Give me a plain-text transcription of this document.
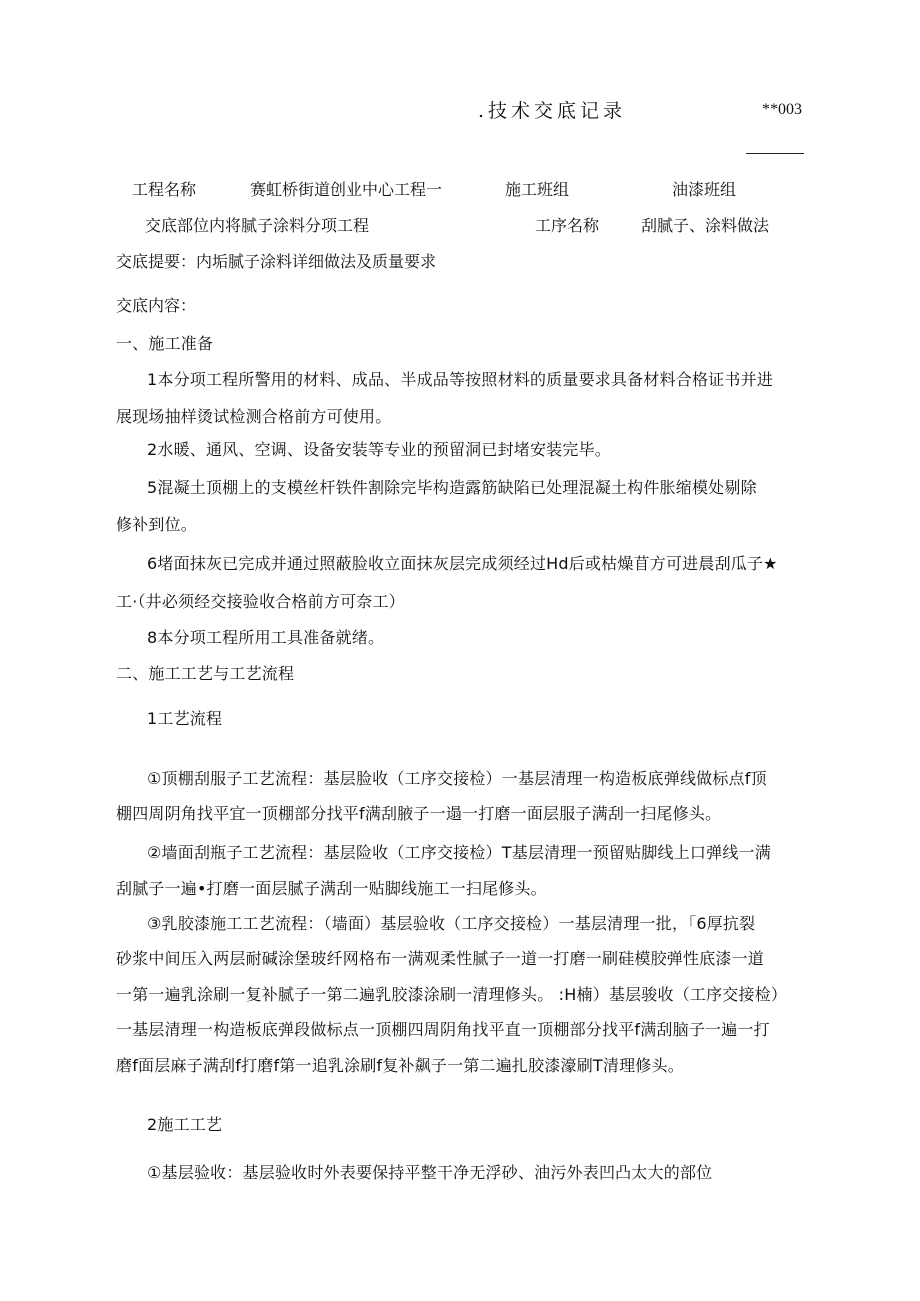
.技术交底记录	**003
工程名称	赛虹桥街道创业中心工程一	施工班组	油漆班组
交底部位内将腻子涂料分项工程	工序名称	刮腻子、涂料做法
交底提要：内垢腻子涂料详细做法及质量要求
交底内容：
一、施工准备
1本分项工程所警用的材料、成品、半成品等按照材料的质量要求具备材料合格证书并进
展现场抽样烫试检测合格前方可使用。
2水暖、通风、空调、设备安装等专业的预留洞已封堵安装完毕。
5混凝土顶棚上的支模丝杆铁件割除完毕构造露筋缺陷已处理混凝土构件胀缩模处剔除
修补到位。
6堵面抹灰已完成并通过照蔽脸收立面抹灰层完成须经过Hd后或枯燥苜方可进晨刮瓜子★
工·（井必须经交接验收合格前方可奈工）
8本分项工程所用工具准备就绪。
二、施工工艺与工艺流程
1工艺流程
①顶棚刮服子工艺流程：基层脸收（工序交接检）一基层清理一构造板底弹线做标点f顶
棚四周阴角找平宜一顶棚部分找平f满刮腋子一遢一打磨一面层服子满刮一扫尾修头。
②墙面刮瓶子工艺流程：基层险收（工序交接检）T基层清理一预留贴脚线上口弹线一满
刮腻子一遍•打磨一面层腻子满刮一贴脚线施工一扫尾修头。
③乳胶漆施工工艺流程：（墙面）基层验收（工序交接检）一基层清理一批，「6厚抗裂
砂浆中间压入两层耐碱涂堡玻纤网格布一满观柔性腻子一道一打磨一刷硅模胶弹性底漆一道
一第一遍乳涂刷一复补腻子一第二遍乳胶漆涂刷一清理修头。 :H楠）基层骏收（工序交接检）
一基层清理一构造板底弹段做标点一顶棚四周阴角找平直一顶棚部分找平f满刮脑子一遍一打
磨f面层麻子满刮f打磨f第一追乳涂刷f复补飙子一第二遍扎胶漆濠刷T清理修头。
2施工工艺
①基层验收：基层验收时外表要保持平整干净无浮砂、油污外表凹凸太大的部位
